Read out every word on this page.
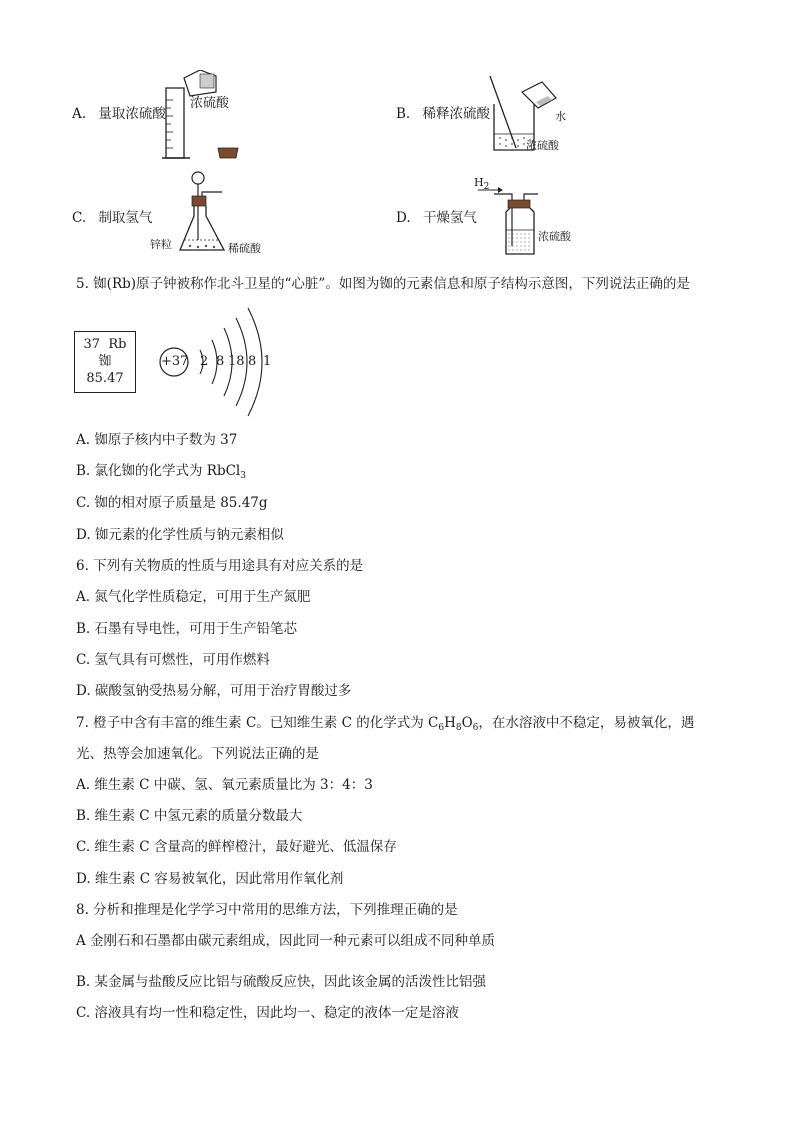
A. 量取浓硫酸
浓硫酸
B. 稀释浓硫酸	水
浓硫酸
C. 制取氢气
锌粒	稀硫酸
D. 干燥氢气
$H_2$
浓硫酸
5. 铷(Rb)原子钟被称作北斗卫星的“心脏”。如图为铷的元素信息和原子结构示意图，下列说法正确的是
37 Rb
铷
85.47
+37 2 8 18 8 1
A. 铷原子核内中子数为 37
B. 氯化铷的化学式为 RbCl$_3$
C. 铷的相对原子质量是 85.47g
D. 铷元素的化学性质与钠元素相似
6. 下列有关物质的性质与用途具有对应关系的是
A. 氮气化学性质稳定，可用于生产氮肥
B. 石墨有导电性，可用于生产铅笔芯
C. 氢气具有可燃性，可用作燃料
D. 碳酸氢钠受热易分解，可用于治疗胃酸过多
7. 橙子中含有丰富的维生素 C。已知维生素 C 的化学式为 $C_6H_8O_6$，在水溶液中不稳定，易被氧化，遇
光、热等会加速氧化。下列说法正确的是
A. 维生素 C 中碳、氢、氧元素质量比为 3：4：3
B. 维生素 C 中氢元素的质量分数最大
C. 维生素 C 含量高的鲜榨橙汁，最好避光、低温保存
D. 维生素 C 容易被氧化，因此常用作氧化剂
8. 分析和推理是化学学习中常用的思维方法，下列推理正确的是
A 金刚石和石墨都由碳元素组成，因此同一种元素可以组成不同种单质
B. 某金属与盐酸反应比铝与硫酸反应快，因此该金属的活泼性比铝强
C. 溶液具有均一性和稳定性，因此均一、稳定的液体一定是溶液
